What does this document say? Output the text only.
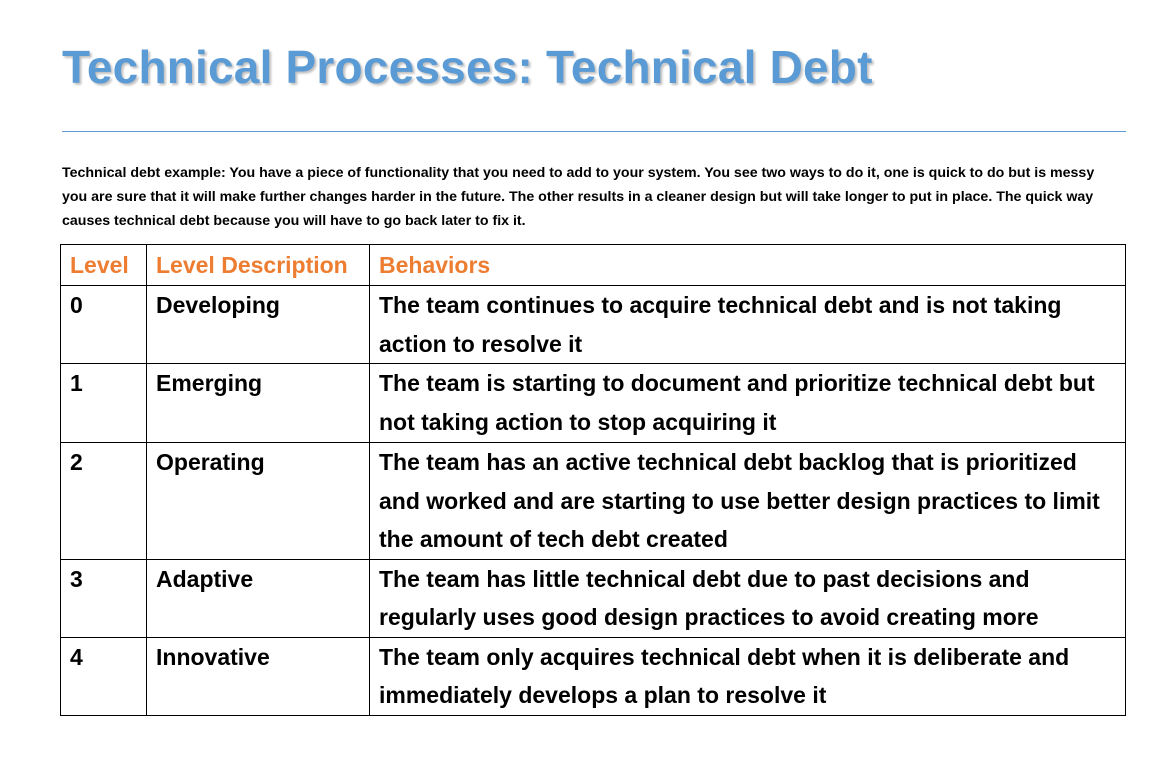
Technical Processes: Technical Debt

Technical debt example: You have a piece of functionality that you need to add to your system. You see two ways to do it, one is quick to do but is messy you are sure that it will make further changes harder in the future. The other results in a cleaner design but will take longer to put in place. The quick way causes technical debt because you will have to go back later to fix it.

Level	Level Description	Behaviors
0	Developing	The team continues to acquire technical debt and is not taking action to resolve it
1	Emerging	The team is starting to document and prioritize technical debt but not taking action to stop acquiring it
2	Operating	The team has an active technical debt backlog that is prioritized and worked and are starting to use better design practices to limit the amount of tech debt created
3	Adaptive	The team has little technical debt due to past decisions and regularly uses good design practices to avoid creating more
4	Innovative	The team only acquires technical debt when it is deliberate and immediately develops a plan to resolve it
